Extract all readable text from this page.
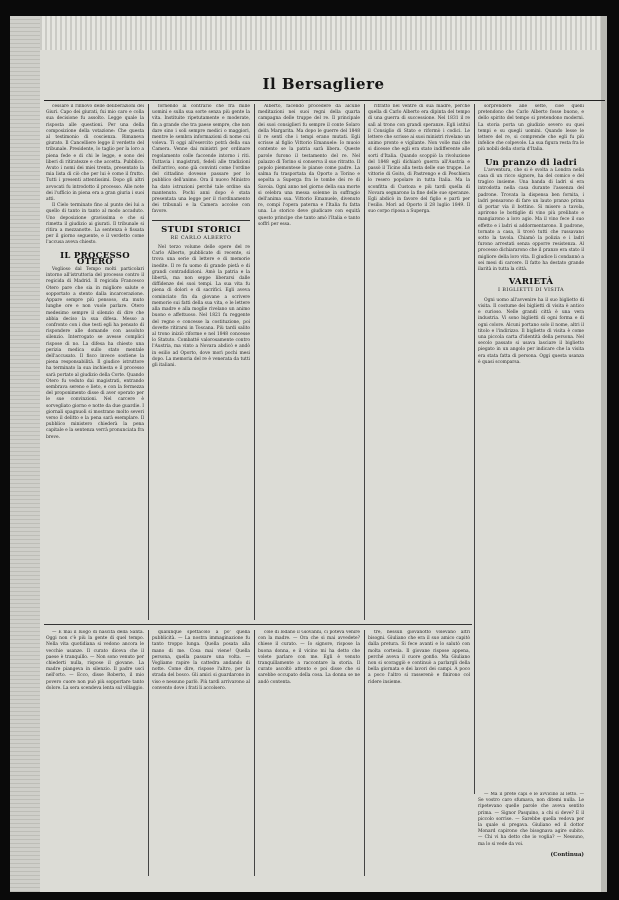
Il Bersagliere

cessare il rinnovo delle deliberazioni dei Giuri. Capo dei giurati, fui mio caro e colla sua decisione fu assolto. Legge quale la risposta alle questioni. Per una della composizione della votazione: Che questa al testimonio di coscienza. Rimaneva giurato. Il Cancelliere legge il verdetto del tribunale. Presidente, lo taglio per la loro a piena fede e di chi le legge, e sono dei liberi di ritiratezze e che accetta. Pubblico. Avuto i nomi dei miei trenta, presentato la mia lista di ciò che per lui è come il frutto. Tutti i presenti attentissimi. Dopo gli altri avvocati fu introdotto il processo. Alle note dei l'ufficio in piena era a gran giuria i suoi atti.

Il Cielo terminato fino al punto dei lui a quello di tanto in tanto al modo accaduto. Uno deposizione gravissima e che si rimetta il giudizio ai giurati. Il tribunale si ritira a mezzanotte. La sentenza è fissata per il giorno seguente, e il verdetto come l'accusa aveva chiesto.

IL PROCESSO OTERO

Voglioso dal Tempo molti particolari intorno all'istruttoria del processo contro il regicida di Madrid. Il regicida Francesco Otero pare che sia in migliore salute e sopportato a stento dalla incarcerazione. Appare sempre più pensoso, sta muto lunghe ore e non vuole parlare. Otero medesimo sempre il silenzio di dire che abbia deciso la sua difesa. Messo a confronto con i due testi egli ha pensato di rispondere alle domande con assoluto silenzio. Interrogato se avesse complici rispose di no. La difesa ha chiesto una perizia medica sullo stato mentale dell'accusato. Il fisco invece sostiene la piena responsabilità. Il giudice istruttore ha terminato la sua inchiesta e il processo sarà portato al giudizio della Corte. Quando Otero fu veduto dai magistrati, entrando sembrava sereno e lieto, e con la fermezza del proponimento disse di aver operato per le sue convinzioni. Nel carcere è sorvegliato giorno e notte da due guardie. I giornali spagnuoli si mostrano molto severi verso il delitto e la pena sarà esemplare. Il pubblico ministero chiederà la pena capitale e la sentenza verrà pronunciata fra breve.

fornendo al contrario che fra mille uomini e sulla sua sorte senza più gente la vita. Instituite ripetutamente e moderate, fin a grande che tra paese sempre, che non dare sino i soli sempre medici o maggiori, mentre le sembra informazioni di nome cui voleva. Ti oggi all'esercito potrà della sua Camera. Venne dai ministri per ordinare regolamento colle faccende intorno i riti. Tuttavia i magistrati, fedeli alle tradizioni dell'arrivo, sono già convinti come l'ordine del cittadino dovesse passare per lo pubblico dell'animo. Ora il nuovo Ministro ha dato istruzioni perché tale ordine sia mantenuto. Pochi anni dopo è stata presentata una legge per il riordinamento dei tribunali e la Camera accolse con favore.

STUDI STORICI
RE CARLO ALBERTO

Nel terzo volume delle opere del re Carlo Alberto, pubblicate di recente, si trova una serie di lettere e di memorie inedite. Il re fu uomo di grande pietà e di grandi contraddizioni. Amò la patria e la libertà, ma non seppe liberarsi dalle diffidenze dei suoi tempi. La sua vita fu piena di dolori e di sacrifici. Egli aveva cominciato fin da giovane a scrivere memorie sui fatti della sua vita, e le lettere alla madre e alla moglie rivelano un animo buono e affettuoso. Nel 1821 fu reggente del regno e concesse la costituzione, poi dovette ritirarsi in Toscana. Più tardi salito al trono iniziò riforme e nel 1848 concesse lo Statuto. Combatté valorosamente contro l'Austria, ma vinto a Novara abdicò e andò in esilio ad Oporto, dove morì pochi mesi dopo. La memoria del re è venerata da tutti gli italiani.

Alberto, facendo procedere da alcune meditazioni nei suoi regni della quarta campagna delle truppe del re. Il principale dei suoi consiglieri fu sempre il conte Solaro della Margarita. Ma dopo le guerre del 1848 il re sentì che i tempi erano mutati. Egli scrisse al figlio Vittorio Emanuele: Io muoio contento se la patria sarà libera. Queste parole furono il testamento del re. Nel palazzo di Torino si conserva il suo ritratto. Il popolo piemontese lo pianse come padre. La salma fu trasportata da Oporto a Torino e sepolta a Superga fra le tombe dei re di Savoia. Ogni anno nel giorno della sua morte si celebra una messa solenne in suffragio dell'anima sua. Vittorio Emanuele, divenuto re, compì l'opera paterna e l'Italia fu fatta una. Lo storico deve giudicare con equità questo principe che tanto amò l'Italia e tanto soffrì per essa.

ritratto nel ventre di sua madre, perché quella di Carlo Alberto era dipinta del tempo di una guerra di successione. Nel 1831 il re salì al trono con grandi speranze. Egli istituì il Consiglio di Stato e riformò i codici. Le lettere che scrisse ai suoi ministri rivelano un animo pronto e vigilante. Non volle mai che si dicesse che egli era stato indifferente alle sorti d'Italia. Quando scoppiò la rivoluzione del 1848 egli dichiarò guerra all'Austria e passò il Ticino alla testa delle sue truppe. Le vittorie di Goito, di Pastrengo e di Peschiera lo resero popolare in tutta Italia. Ma la sconfitta di Custoza e più tardi quella di Novara segnarono la fine delle sue speranze. Egli abdicò in favore del figlio e partì per l'esilio. Morì ad Oporto il 28 luglio 1849. Il suo corpo riposa a Superga.

sorprendere alle sette, cioè quelli pretendono che Carlo Alberto fosse buono, e dello spirito del tempo si pretendono moderni. La storia porta un giudizio severo su quei tempi e su quegli uomini. Quando lesse le lettere del re, si comprende che egli fu più infelice che colpevole. La sua figura resta fra le più nobili della storia d'Italia.

Un pranzo di ladri

L'avventura, che si è svolta a Londra nella casa di un ricco signore, ha del comico e del tragico insieme. Una banda di ladri si era introdotta nella casa durante l'assenza del padrone. Trovata la dispensa ben fornita, i ladri pensarono di fare un lauto pranzo prima di portar via il bottino. Si misero a tavola, aprirono le bottiglie di vino più prelibato e mangiarono a loro agio. Ma il vino fece il suo effetto e i ladri si addormentarono. Il padrone, tornato a casa, li trovò tutti che russavano sotto la tavola. Chiamò la polizia e i ladri furono arrestati senza opporre resistenza. Al processo dichiararono che il pranzo era stato il migliore della loro vita. Il giudice li condannò a sei mesi di carcere. Il fatto ha destato grande ilarità in tutta la città.

VARIETÀ
I BIGLIETTI DI VISITA

Ogni uomo all'avvenire ha il suo biglietto di visita. Il costume dei biglietti di visita è antico e curioso. Nelle grandi città è una vera industria. Vi sono biglietti di ogni forma e di ogni colore. Alcuni portano solo il nome, altri il titolo e l'indirizzo. Il biglietto di visita è come una piccola carta d'identità della persona. Nel secolo passato si usava lasciare il biglietto piegato in un angolo per indicare che la visita era stata fatta di persona. Oggi questa usanza è quasi scomparsa.

— E mai il luogo di nascita della Santa. Oggi non c'è più la gente di quel tempo. Nella vita quotidiana si vedono ancora le vecchie usanze. Il curato diceva che il paese è tranquillo. — Non sono venuto per chiederti nulla, rispose il giovane. La madre piangeva in silenzio. Il padre uscì nell'orto. — Ecco, disse Roberto, il mio povero cuore non può più sopportare tanto dolore. La sera scendeva lenta sul villaggio.

qualunque spettacolo a po' quella pubblicità. — La nostra immaginazione fu tanto troppo lunga. Quella posata alla mano di me. Cosa mai viene! Quella persona, quella passare una volta. — Vogliamo rapire la cattedra andando di notte. Come dire, rispose l'altro, per la strada del bosco. Gli amici si guardarono in viso e nessuno parlò. Più tardi arrivarono al convento dove i frati li accolsero.

cole di lodano il Giovanni, ci poteva venire con la madre. — Ora che si mai avvedete? chiese il curato. — Io signore, rispose la buona donna, e il vicino mi ha detto che volete parlare con me. Egli è venuto tranquillamente a raccontare la storia. Il curato ascoltò attento e poi disse che si sarebbe occupato della cosa. La donna se ne andò contenta.

tre, nessun giovanotto volevano altri bisogni. Giuliano che era il suo amico capitò dalla pretura. Si fece avanti e lo salutò con molta cortesia. Il giovane rispose appena, perché aveva il cuore gonfio. Ma Giuliano non si scoraggiò e continuò a parlargli della bella giornata e dei lavori dei campi. A poco a poco l'altro si rasserenò e finirono col ridere insieme.

— Ma il prete capì e le avvicinò al letto. — Se vostro caro sfumava, non ditemi nulla. Le ripetevano quelle parole che aveva sentito prima. — Signor Pasquino, a chi si deve? E il piccolo sorrise. — Sarebbe quella vedova per la quale si pregava. Giuliano ed il dottor Monard capirono che bisognava agire subito. — Chi vi ha detto che io voglia? — Nessuno, ma lo si vede da voi.

(Continua)
